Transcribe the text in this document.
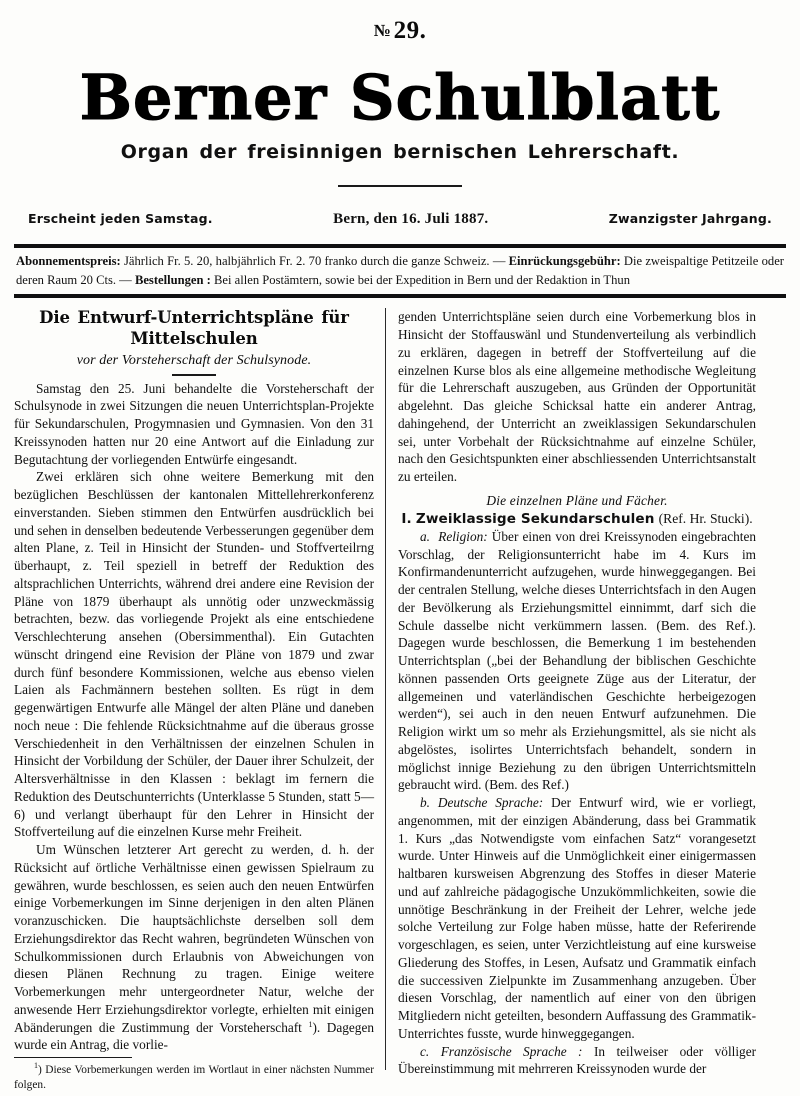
№ 29.
Berner Schulblatt

Organ der freisinnigen bernischen Lehrerschaft.

Erscheint jeden Samstag.	Bern, den 16. Juli 1887.	Zwanzigster Jahrgang.

Abonnementspreis: Jährlich Fr. 5. 20, halbjährlich Fr. 2. 70 franko durch die ganze Schweiz. — Einrückungsgebühr: Die zweispaltige Petitzeile oder deren Raum 20 Cts. — Bestellungen : Bei allen Postämtern, sowie bei der Expedition in Bern und der Redaktion in Thun

Die Entwurf-Unterrichtspläne für Mittelschulen

vor der Vorsteherschaft der Schulsynode.

Samstag den 25. Juni behandelte die Vorsteherschaft der Schulsynode in zwei Sitzungen die neuen Unterrichtsplan-Projekte für Sekundarschulen, Progymnasien und Gymnasien. Von den 31 Kreissynoden hatten nur 20 eine Antwort auf die Einladung zur Begutachtung der vorliegenden Entwürfe eingesandt.

Zwei erklären sich ohne weitere Bemerkung mit den bezüglichen Beschlüssen der kantonalen Mittellehrerkonferenz einverstanden. Sieben stimmen den Entwürfen ausdrücklich bei und sehen in denselben bedeutende Verbesserungen gegenüber dem alten Plane, z. Teil in Hinsicht der Stunden- und Stoffverteilrng überhaupt, z. Teil speziell in betreff der Reduktion des altsprachlichen Unterrichts, während drei andere eine Revision der Pläne von 1879 überhaupt als unnötig oder unzweckmässig betrachten, bezw. das vorliegende Projekt als eine entschiedene Verschlechterung ansehen (Obersimmenthal). Ein Gutachten wünscht dringend eine Revision der Pläne von 1879 und zwar durch fünf besondere Kommissionen, welche aus ebenso vielen Laien als Fachmännern bestehen sollten. Es rügt in dem gegenwärtigen Entwurfe alle Mängel der alten Pläne und daneben noch neue : Die fehlende Rücksichtnahme auf die überaus grosse Verschiedenheit in den Verhältnissen der einzelnen Schulen in Hinsicht der Vorbildung der Schüler, der Dauer ihrer Schulzeit, der Altersverhältnisse in den Klassen : beklagt im fernern die Reduktion des Deutschunterrichts (Unterklasse 5 Stunden, statt 5—6) und verlangt überhaupt für den Lehrer in Hinsicht der Stoffverteilung auf die einzelnen Kurse mehr Freiheit.

Um Wünschen letzterer Art gerecht zu werden, d. h. der Rücksicht auf örtliche Verhältnisse einen gewissen Spielraum zu gewähren, wurde beschlossen, es seien auch den neuen Entwürfen einige Vorbemerkungen im Sinne derjenigen in den alten Plänen voranzuschicken. Die hauptsächlichste derselben soll dem Erziehungsdirektor das Recht wahren, begründeten Wünschen von Schulkommissionen durch Erlaubnis von Abweichungen von diesen Plänen Rechnung zu tragen. Einige weitere Vorbemerkungen mehr untergeordneter Natur, welche der anwesende Herr Erziehungsdirektor vorlegte, erhielten mit einigen Abänderungen die Zustimmung der Vorsteherschaft $^1$). Dagegen wurde ein Antrag, die vorlie-

$^1$) Diese Vorbemerkungen werden im Wortlaut in einer nächsten Nummer folgen.

genden Unterrichtspläne seien durch eine Vorbemerkung blos in Hinsicht der Stoffauswänl und Stundenverteilung als verbindlich zu erklären, dagegen in betreff der Stoffverteilung auf die einzelnen Kurse blos als eine allgemeine methodische Wegleitung für die Lehrerschaft auszugeben, aus Gründen der Opportunität abgelehnt. Das gleiche Schicksal hatte ein anderer Antrag, dahingehend, der Unterricht an zweiklassigen Sekundarschulen sei, unter Vorbehalt der Rücksichtnahme auf einzelne Schüler, nach den Gesichtspunkten einer abschliessenden Unterrichtsanstalt zu erteilen.

Die einzelnen Pläne und Fächer.

I. Zweiklassige Sekundarschulen (Ref. Hr. Stucki).

a. Religion: Über einen von drei Kreissynoden eingebrachten Vorschlag, der Religionsunterricht habe im 4. Kurs im Konfirmandenunterricht aufzugehen, wurde hinweggegangen. Bei der centralen Stellung, welche dieses Unterrichtsfach in den Augen der Bevölkerung als Erziehungsmittel einnimmt, darf sich die Schule dasselbe nicht verkümmern lassen. (Bem. des Ref.). Dagegen wurde beschlossen, die Bemerkung 1 im bestehenden Unterrichtsplan („bei der Behandlung der biblischen Geschichte können passenden Orts geeignete Züge aus der Literatur, der allgemeinen und vaterländischen Geschichte herbeigezogen werden“), sei auch in den neuen Entwurf aufzunehmen. Die Religion wirkt um so mehr als Erziehungsmittel, als sie nicht als abgelöstes, isolirtes Unterrichtsfach behandelt, sondern in möglichst innige Beziehung zu den übrigen Unterrichtsmitteln gebraucht wird. (Bem. des Ref.)

b. Deutsche Sprache: Der Entwurf wird, wie er vorliegt, angenommen, mit der einzigen Abänderung, dass bei Grammatik 1. Kurs „das Notwendigste vom einfachen Satz“ vorangesetzt wurde. Unter Hinweis auf die Unmöglichkeit einer einigermassen haltbaren kursweisen Abgrenzung des Stoffes in dieser Materie und auf zahlreiche pädagogische Unzukömmlichkeiten, sowie die unnötige Beschränkung in der Freiheit der Lehrer, welche jede solche Verteilung zur Folge haben müsse, hatte der Referirende vorgeschlagen, es seien, unter Verzichtleistung auf eine kursweise Gliederung des Stoffes, in Lesen, Aufsatz und Grammatik einfach die successiven Zielpunkte im Zusammenhang anzugeben. Über diesen Vorschlag, der namentlich auf einer von den übrigen Mitgliedern nicht geteilten, besondern Auffassung des Grammatik-Unterrichtes fusste, wurde hinweggegangen.

c. Französische Sprache : In teilweiser oder völliger Übereinstimmung mit mehrreren Kreissynoden wurde der
